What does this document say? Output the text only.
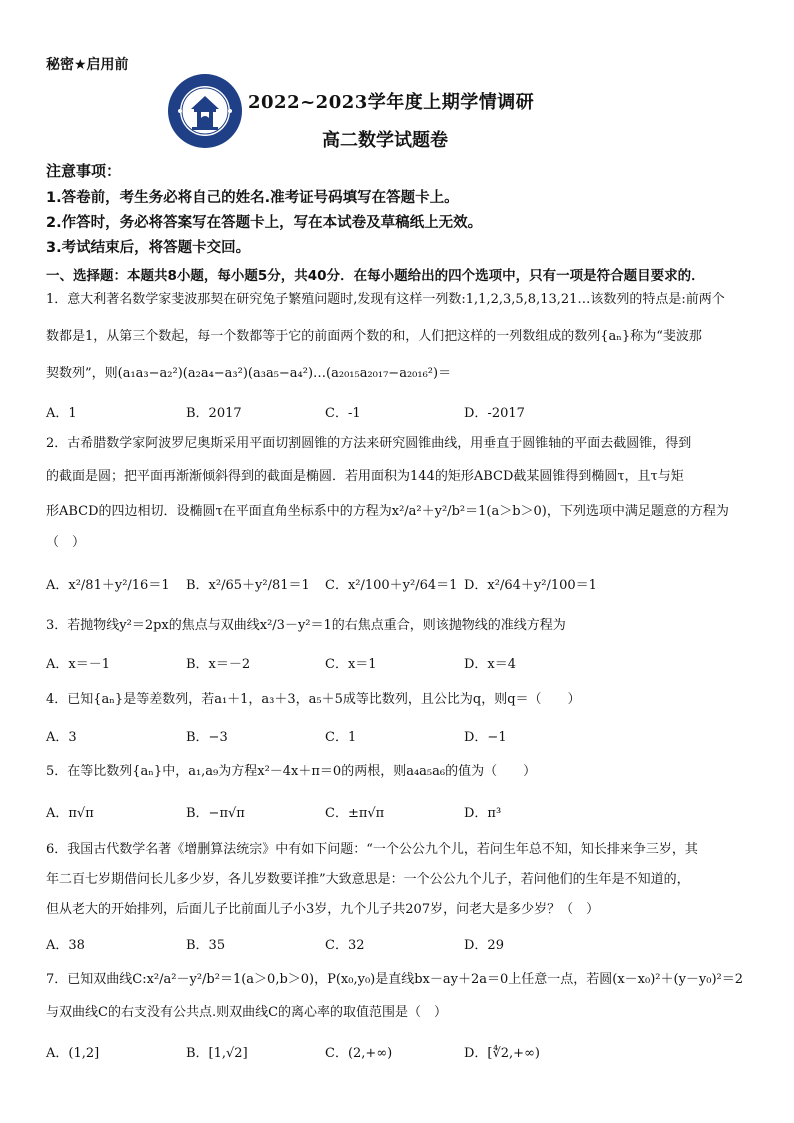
秘密★启用前
2022~2023学年度上期学情调研
高二数学试题卷
注意事项：
1.答卷前，考生务必将自己的姓名.准考证号码填写在答题卡上。
2.作答时，务必将答案写在答题卡上，写在本试卷及草稿纸上无效。
3.考试结束后，将答题卡交回。
一、选择题：本题共8小题，每小题5分，共40分．在每小题给出的四个选项中，只有一项是符合题目要求的．
1．意大利著名数学家斐波那契在研究兔子繁殖问题时,发现有这样一列数:1,1,2,3,5,8,13,21…该数列的特点是:前两个
数都是1，从第三个数起，每一个数都等于它的前面两个数的和，人们把这样的一列数组成的数列{aₙ}称为“斐波那
契数列”，则(a₁a₃−a₂²)(a₂a₄−a₃²)(a₃a₅−a₄²)…(a₂₀₁₅a₂₀₁₇−a₂₀₁₆²)＝
A．1	B．2017	C．-1	D．-2017
2．古希腊数学家阿波罗尼奥斯采用平面切割圆锥的方法来研究圆锥曲线，用垂直于圆锥轴的平面去截圆锥，得到
的截面是圆；把平面再渐渐倾斜得到的截面是椭圆．若用面积为144的矩形ABCD截某圆锥得到椭圆τ，且τ与矩
形ABCD的四边相切．设椭圆τ在平面直角坐标系中的方程为x²/a²＋y²/b²＝1(a＞b＞0)，下列选项中满足题意的方程为
（　）
A．x²/81＋y²/16＝1 B．x²/65＋y²/81＝1 C．x²/100＋y²/64＝1 D．x²/64＋y²/100＝1
3．若抛物线y²＝2px的焦点与双曲线x²/3－y²＝1的右焦点重合，则该抛物线的准线方程为
A．x＝－1	B．x＝－2	C．x＝1	D．x＝4
4．已知{aₙ}是等差数列，若a₁＋1，a₃＋3，a₅＋5成等比数列，且公比为q，则q＝（　　）
A．3	B．−3	C．1	D．−1
5．在等比数列{aₙ}中，a₁,a₉为方程x²－4x＋π＝0的两根，则a₄a₅a₆的值为（　　）
A．π√π	B．−π√π	C．±π√π	D．π³
6．我国古代数学名著《增删算法统宗》中有如下问题：“一个公公九个儿，若问生年总不知，知长排来争三岁，其
年二百七岁期借问长儿多少岁，各儿岁数要详推”大致意思是：一个公公九个儿子，若问他们的生年是不知道的，
但从老大的开始排列，后面儿子比前面儿子小3岁，九个儿子共207岁，问老大是多少岁？（　）
A．38	B．35	C．32	D．29
7．已知双曲线C:x²/a²－y²/b²＝1(a＞0,b＞0)，P(x₀,y₀)是直线bx－ay＋2a＝0上任意一点，若圆(x－x₀)²＋(y－y₀)²＝2
与双曲线C的右支没有公共点.则双曲线C的离心率的取值范围是（　）
A．(1,2]	B．[1,√2]	C．(2,+∞)	D．[∜2,+∞)
